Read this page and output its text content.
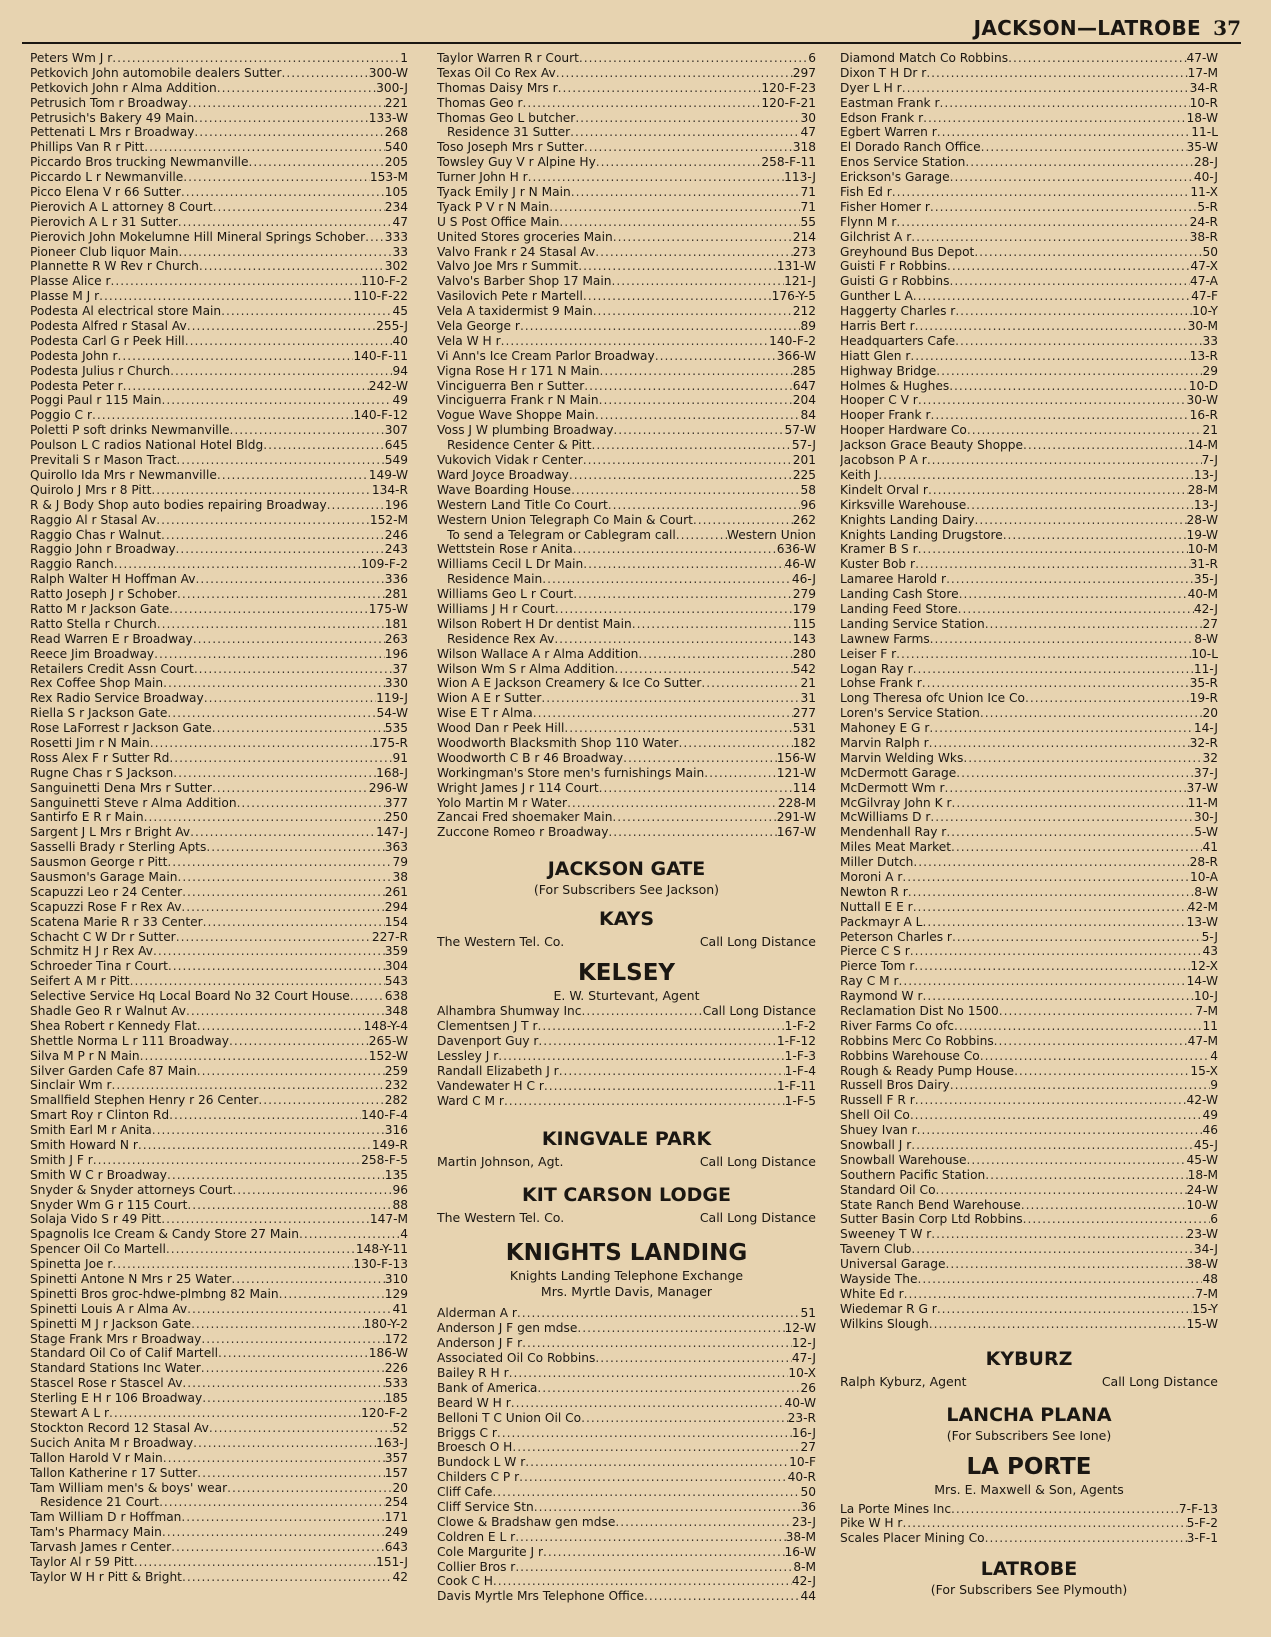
JACKSON—LATROBE 37
Peters Wm J r .....	1
Petkovich John automobile dealers Sutter .....	300-W
Petkovich John r Alma Addition .....	300-J
Petrusich Tom r Broadway .....	221
Petrusich's Bakery 49 Main .....	133-W
Pettenati L Mrs r Broadway .....	268
Phillips Van R r Pitt .....	540
Piccardo Bros trucking Newmanville .....	205
Piccardo L r Newmanville .....	153-M
Picco Elena V r 66 Sutter .....	105
Pierovich A L attorney 8 Court .....	234
Pierovich A L r 31 Sutter .....	47
Pierovich John Mokelumne Hill Mineral Springs Schober ..... 333
Pioneer Club liquor Main .....	33
Plannette R W Rev r Church .....	302
Plasse Alice r .....	110-F-2
Plasse M J r .....	110-F-22
Podesta Al electrical store Main .....	45
Podesta Alfred r Stasal Av .....	255-J
Podesta Carl G r Peek Hill .....	40
Podesta John r .....	140-F-11
Podesta Julius r Church .....	94
Podesta Peter r .....	242-W
Poggi Paul r 115 Main .....	49
Poggio C r .....	140-F-12
Poletti P soft drinks Newmanville .....	307
Poulson L C radios National Hotel Bldg .....	645
Previtali S r Mason Tract .....	549
Quirollo Ida Mrs r Newmanville .....	149-W
Quirolo J Mrs r 8 Pitt .....	134-R
R & J Body Shop auto bodies repairing Broadway .....	196
Raggio Al r Stasal Av .....	152-M
Raggio Chas r Walnut .....	246
Raggio John r Broadway .....	243
Raggio Ranch .....	109-F-2
Ralph Walter H Hoffman Av .....	336
Ratto Joseph J r Schober .....	281
Ratto M r Jackson Gate .....	175-W
Ratto Stella r Church .....	181
Read Warren E r Broadway .....	263
Reece Jim Broadway .....	196
Retailers Credit Assn Court .....	37
Rex Coffee Shop Main .....	330
Rex Radio Service Broadway .....	119-J
Riella S r Jackson Gate .....	54-W
Rose LaForrest r Jackson Gate .....	535
Rosetti Jim r N Main .....	175-R
Ross Alex F r Sutter Rd .....	91
Rugne Chas r S Jackson .....	168-J
Sanguinetti Dena Mrs r Sutter .....	296-W
Sanguinetti Steve r Alma Addition .....	377
Santirfo E R r Main .....	250
Sargent J L Mrs r Bright Av .....	147-J
Sasselli Brady r Sterling Apts .....	363
Sausmon George r Pitt .....	79
Sausmon's Garage Main .....	38
Scapuzzi Leo r 24 Center .....	261
Scapuzzi Rose F r Rex Av .....	294
Scatena Marie R r 33 Center .....	154
Schacht C W Dr r Sutter .....	227-R
Schmitz H J r Rex Av .....	359
Schroeder Tina r Court .....	304
Seifert A M r Pitt .....	543
Selective Service Hq Local Board No 32 Court House .....	638
Shadle Geo R r Walnut Av .....	348
Shea Robert r Kennedy Flat .....	148-Y-4
Shettle Norma L r 111 Broadway .....	265-W
Silva M P r N Main .....	152-W
Silver Garden Cafe 87 Main .....	259
Sinclair Wm r .....	232
Smallfield Stephen Henry r 26 Center .....	282
Smart Roy r Clinton Rd .....	140-F-4
Smith Earl M r Anita .....	316
Smith Howard N r .....	149-R
Smith J F r .....	258-F-5
Smith W C r Broadway .....	135
Snyder & Snyder attorneys Court .....	96
Snyder Wm G r 115 Court .....	88
Solaja Vido S r 49 Pitt .....	147-M
Spagnolis Ice Cream & Candy Store 27 Main .....	4
Spencer Oil Co Martell .....	148-Y-11
Spinetta Joe r .....	130-F-13
Spinetti Antone N Mrs r 25 Water .....	310
Spinetti Bros groc-hdwe-plmbng 82 Main .....	129
Spinetti Louis A r Alma Av .....	41
Spinetti M J r Jackson Gate .....	180-Y-2
Stage Frank Mrs r Broadway .....	172
Standard Oil Co of Calif Martell .....	186-W
Standard Stations Inc Water .....	226
Stascel Rose r Stascel Av .....	533
Sterling E H r 106 Broadway .....	185
Stewart A L r .....	120-F-2
Stockton Record 12 Stasal Av .....	52
Sucich Anita M r Broadway .....	163-J
Tallon Harold V r Main .....	357
Tallon Katherine r 17 Sutter .....	157
Tam William men's & boys' wear .....	20
Residence 21 Court .....	254
Tam William D r Hoffman .....	171
Tam's Pharmacy Main .....	249
Tarvash James r Center .....	643
Taylor Al r 59 Pitt .....	151-J
Taylor W H r Pitt & Bright .....	42
Taylor Warren R r Court .....	6
Texas Oil Co Rex Av .....	297
Thomas Daisy Mrs r .....	120-F-23
Thomas Geo r .....	120-F-21
Thomas Geo L butcher .....	30
Residence 31 Sutter .....	47
Toso Joseph Mrs r Sutter .....	318
Towsley Guy V r Alpine Hy .....	258-F-11
Turner John H r .....	113-J
Tyack Emily J r N Main .....	71
Tyack P V r N Main .....	71
U S Post Office Main .....	55
United Stores groceries Main .....	214
Valvo Frank r 24 Stasal Av .....	273
Valvo Joe Mrs r Summit .....	131-W
Valvo's Barber Shop 17 Main .....	121-J
Vasilovich Pete r Martell .....	176-Y-5
Vela A taxidermist 9 Main .....	212
Vela George r .....	89
Vela W H r .....	140-F-2
Vi Ann's Ice Cream Parlor Broadway .....	366-W
Vigna Rose H r 171 N Main .....	285
Vinciguerra Ben r Sutter .....	647
Vinciguerra Frank r N Main .....	204
Vogue Wave Shoppe Main .....	84
Voss J W plumbing Broadway .....	57-W
Residence Center & Pitt .....	57-J
Vukovich Vidak r Center .....	201
Ward Joyce Broadway .....	225
Wave Boarding House .....	58
Western Land Title Co Court .....	96
Western Union Telegraph Co Main & Court .....	262
To send a Telegram or Cablegram call .....	Western Union
Wettstein Rose r Anita .....	636-W
Williams Cecil L Dr Main .....	46-W
Residence Main .....	46-J
Williams Geo L r Court .....	279
Williams J H r Court .....	179
Wilson Robert H Dr dentist Main .....	115
Residence Rex Av .....	143
Wilson Wallace A r Alma Addition .....	280
Wilson Wm S r Alma Addition .....	542
Wion A E Jackson Creamery & Ice Co Sutter .....	21
Wion A E r Sutter .....	31
Wise E T r Alma .....	277
Wood Dan r Peek Hill .....	531
Woodworth Blacksmith Shop 110 Water .....	182
Woodworth C B r 46 Broadway .....	156-W
Workingman's Store men's furnishings Main .....	121-W
Wright James J r 114 Court .....	114
Yolo Martin M r Water .....	228-M
Zancai Fred shoemaker Main .....	291-W
Zuccone Romeo r Broadway .....	167-W
JACKSON GATE
(For Subscribers See Jackson)
KAYS
The Western Tel. Co.	Call Long Distance
KELSEY
E. W. Sturtevant, Agent
Alhambra Shumway Inc .....	Call Long Distance
Clementsen J T r .....	1-F-2
Davenport Guy r .....	1-F-12
Lessley J r .....	1-F-3
Randall Elizabeth J r .....	1-F-4
Vandewater H C r .....	1-F-11
Ward C M r .....	1-F-5
KINGVALE PARK
Martin Johnson, Agt.	Call Long Distance
KIT CARSON LODGE
The Western Tel. Co.	Call Long Distance
KNIGHTS LANDING
Knights Landing Telephone Exchange
Mrs. Myrtle Davis, Manager
Alderman A r .....	51
Anderson J F gen mdse .....	12-W
Anderson J F r .....	12-J
Associated Oil Co Robbins .....	47-J
Bailey R H r .....	10-X
Bank of America .....	26
Beard W H r .....	40-W
Belloni T C Union Oil Co .....	23-R
Briggs C r .....	16-J
Broesch O H .....	27
Bundock L W r .....	10-F
Childers C P r .....	40-R
Cliff Cafe .....	50
Cliff Service Stn .....	36
Clowe & Bradshaw gen mdse .....	23-J
Coldren E L r .....	38-M
Cole Margurite J r .....	16-W
Collier Bros r .....	8-M
Cook C H .....	42-J
Davis Myrtle Mrs Telephone Office .....	44
Diamond Match Co Robbins .....	47-W
Dixon T H Dr r .....	17-M
Dyer L H r .....	34-R
Eastman Frank r .....	10-R
Edson Frank r .....	18-W
Egbert Warren r .....	11-L
El Dorado Ranch Office .....	35-W
Enos Service Station .....	28-J
Erickson's Garage .....	40-J
Fish Ed r .....	11-X
Fisher Homer r .....	5-R
Flynn M r .....	24-R
Gilchrist A r .....	38-R
Greyhound Bus Depot .....	50
Guisti F r Robbins .....	47-X
Guisti G r Robbins .....	47-A
Gunther L A .....	47-F
Haggerty Charles r .....	10-Y
Harris Bert r .....	30-M
Headquarters Cafe .....	33
Hiatt Glen r .....	13-R
Highway Bridge .....	29
Holmes & Hughes .....	10-D
Hooper C V r .....	30-W
Hooper Frank r .....	16-R
Hooper Hardware Co .....	21
Jackson Grace Beauty Shoppe .....	14-M
Jacobson P A r .....	7-J
Keith J .....	13-J
Kindelt Orval r .....	28-M
Kirksville Warehouse .....	13-J
Knights Landing Dairy .....	28-W
Knights Landing Drugstore .....	19-W
Kramer B S r .....	10-M
Kuster Bob r .....	31-R
Lamaree Harold r .....	35-J
Landing Cash Store .....	40-M
Landing Feed Store .....	42-J
Landing Service Station .....	27
Lawnew Farms .....	8-W
Leiser F r .....	10-L
Logan Ray r .....	11-J
Lohse Frank r .....	35-R
Long Theresa ofc Union Ice Co .....	19-R
Loren's Service Station .....	20
Mahoney E G r .....	14-J
Marvin Ralph r .....	32-R
Marvin Welding Wks .....	32
McDermott Garage .....	37-J
McDermott Wm r .....	37-W
McGilvray John K r .....	11-M
McWilliams D r .....	30-J
Mendenhall Ray r .....	5-W
Miles Meat Market .....	41
Miller Dutch .....	28-R
Moroni A r .....	10-A
Newton R r .....	8-W
Nuttall E E r .....	42-M
Packmayr A L .....	13-W
Peterson Charles r .....	5-J
Pierce C S r .....	43
Pierce Tom r .....	12-X
Ray C M r .....	14-W
Raymond W r .....	10-J
Reclamation Dist No 1500 .....	7-M
River Farms Co ofc .....	11
Robbins Merc Co Robbins .....	47-M
Robbins Warehouse Co .....	4
Rough & Ready Pump House .....	15-X
Russell Bros Dairy .....	9
Russell F R r .....	42-W
Shell Oil Co .....	49
Shuey Ivan r .....	46
Snowball J r .....	45-J
Snowball Warehouse .....	45-W
Southern Pacific Station .....	18-M
Standard Oil Co .....	24-W
State Ranch Bend Warehouse .....	10-W
Sutter Basin Corp Ltd Robbins .....	6
Sweeney T W r .....	23-W
Tavern Club .....	34-J
Universal Garage .....	38-W
Wayside The .....	48
White Ed r .....	7-M
Wiedemar R G r .....	15-Y
Wilkins Slough .....	15-W
KYBURZ
Ralph Kyburz, Agent	Call Long Distance
LANCHA PLANA
(For Subscribers See Ione)
LA PORTE
Mrs. E. Maxwell & Son, Agents
La Porte Mines Inc .....	7-F-13
Pike W H r .....	5-F-2
Scales Placer Mining Co .....	3-F-1
LATROBE
(For Subscribers See Plymouth)
